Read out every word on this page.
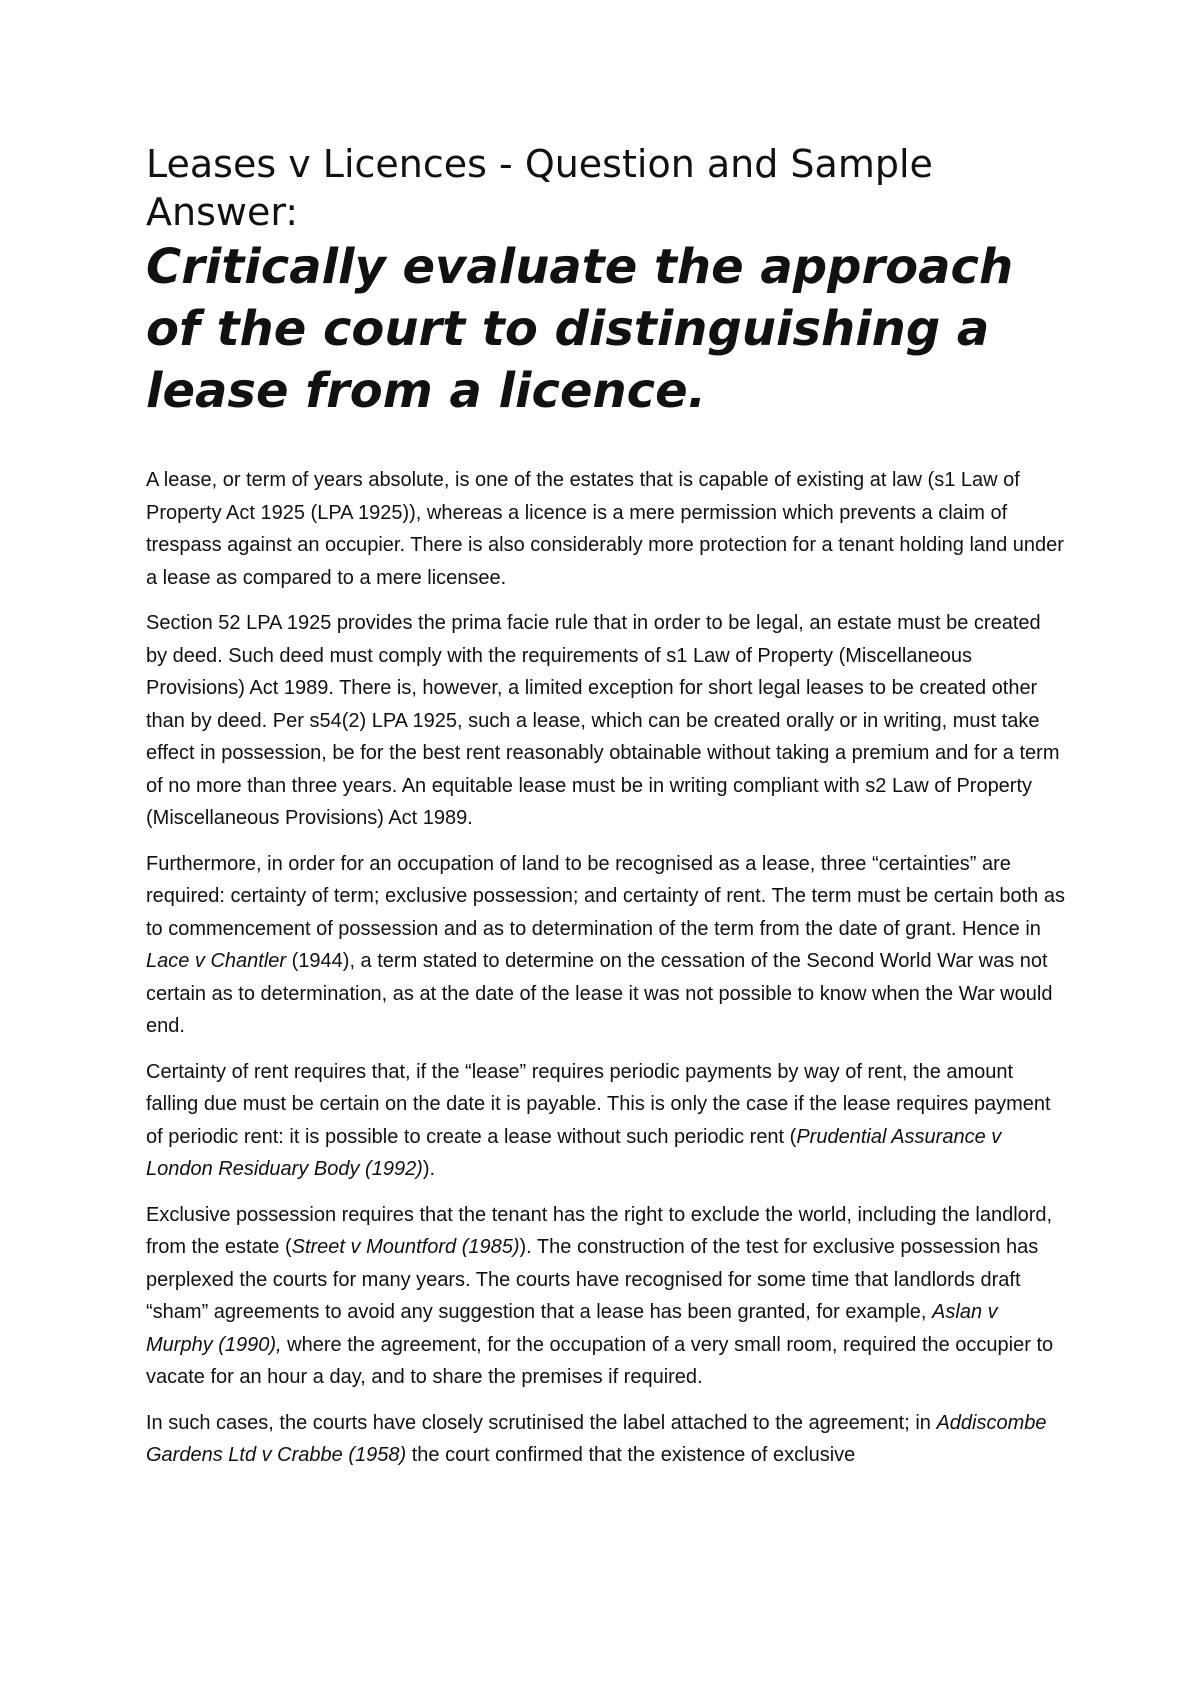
Leases v Licences - Question and Sample Answer:
Critically evaluate the approach of the court to distinguishing a lease from a licence.

A lease, or term of years absolute, is one of the estates that is capable of existing at law (s1 Law of Property Act 1925 (LPA 1925)), whereas a licence is a mere permission which prevents a claim of trespass against an occupier. There is also considerably more protection for a tenant holding land under a lease as compared to a mere licensee.

Section 52 LPA 1925 provides the prima facie rule that in order to be legal, an estate must be created by deed. Such deed must comply with the requirements of s1 Law of Property (Miscellaneous Provisions) Act 1989. There is, however, a limited exception for short legal leases to be created other than by deed. Per s54(2) LPA 1925, such a lease, which can be created orally or in writing, must take effect in possession, be for the best rent reasonably obtainable without taking a premium and for a term of no more than three years. An equitable lease must be in writing compliant with s2 Law of Property (Miscellaneous Provisions) Act 1989.

Furthermore, in order for an occupation of land to be recognised as a lease, three “certainties” are required: certainty of term; exclusive possession; and certainty of rent. The term must be certain both as to commencement of possession and as to determination of the term from the date of grant. Hence in Lace v Chantler (1944), a term stated to determine on the cessation of the Second World War was not certain as to determination, as at the date of the lease it was not possible to know when the War would end.

Certainty of rent requires that, if the “lease” requires periodic payments by way of rent, the amount falling due must be certain on the date it is payable. This is only the case if the lease requires payment of periodic rent: it is possible to create a lease without such periodic rent (Prudential Assurance v London Residuary Body (1992)).

Exclusive possession requires that the tenant has the right to exclude the world, including the landlord, from the estate (Street v Mountford (1985)). The construction of the test for exclusive possession has perplexed the courts for many years. The courts have recognised for some time that landlords draft “sham” agreements to avoid any suggestion that a lease has been granted, for example, Aslan v Murphy (1990), where the agreement, for the occupation of a very small room, required the occupier to vacate for an hour a day, and to share the premises if required.

In such cases, the courts have closely scrutinised the label attached to the agreement; in Addiscombe Gardens Ltd v Crabbe (1958) the court confirmed that the existence of exclusive
